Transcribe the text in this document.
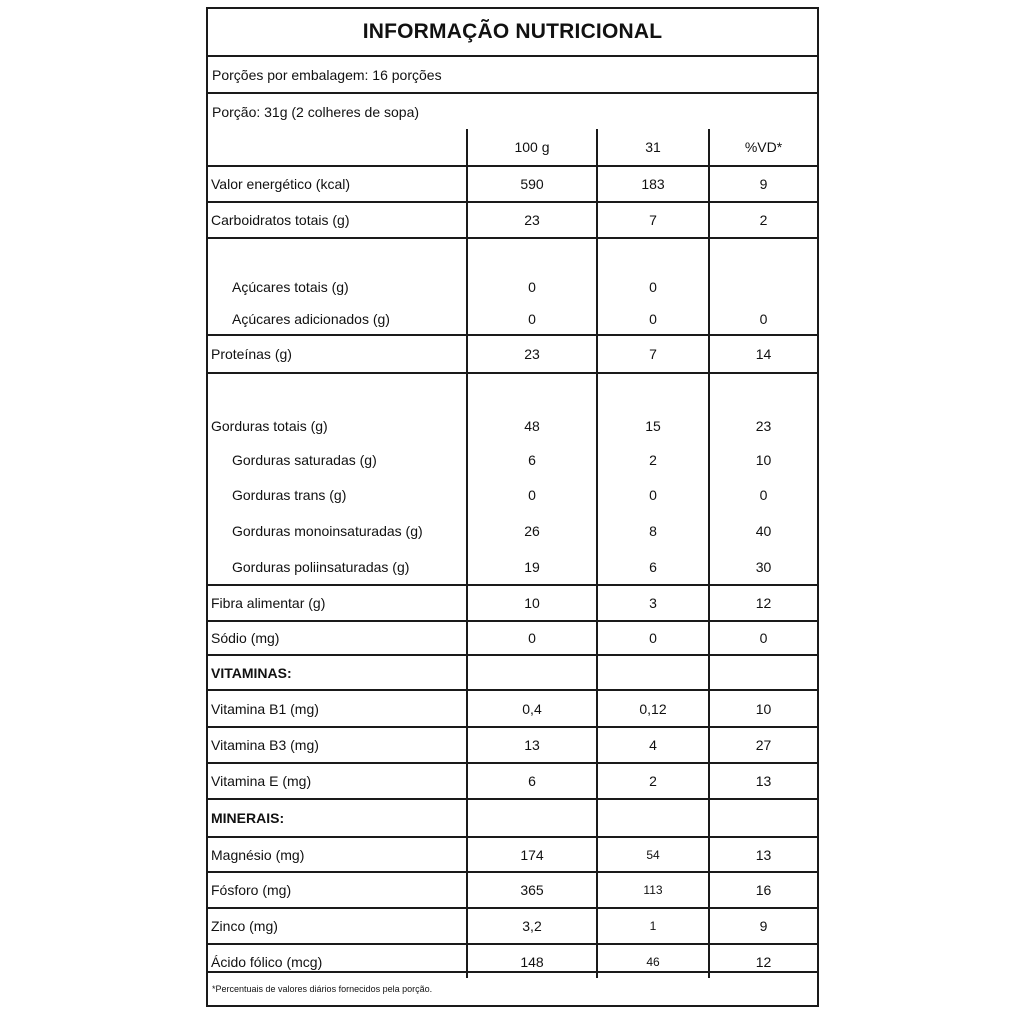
INFORMAÇÃO NUTRICIONAL
Porções por embalagem: 16 porções
Porção: 31g (2 colheres de sopa)
	100 g	31	%VD*
Valor energético (kcal)	590	183	9
Carboidratos totais (g)	23	7	2
Açúcares totais (g)	0	0	
Açúcares adicionados (g)	0	0	0
Proteínas (g)	23	7	14
Gorduras totais (g)	48	15	23
Gorduras saturadas (g)	6	2	10
Gorduras trans (g)	0	0	0
Gorduras monoinsaturadas (g)	26	8	40
Gorduras poliinsaturadas (g)	19	6	30
Fibra alimentar (g)	10	3	12
Sódio (mg)	0	0	0
VITAMINAS:			
Vitamina B1 (mg)	0,4	0,12	10
Vitamina B3 (mg)	13	4	27
Vitamina E (mg)	6	2	13
MINERAIS:			
Magnésio (mg)	174	54	13
Fósforo (mg)	365	113	16
Zinco (mg)	3,2	1	9
Ácido fólico (mcg)	148	46	12
*Percentuais de valores diários fornecidos pela porção.
